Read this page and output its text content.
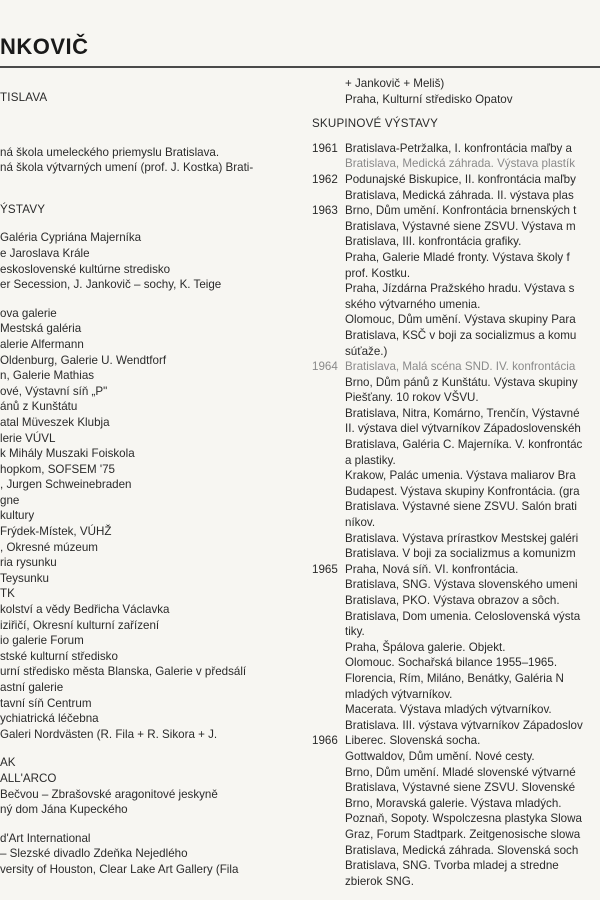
NKOVIČ
TISLAVA
ná škola umeleckého priemyslu Bratislava.
ná škola výtvarných umení (prof. J. Kostka) Brati-
ÝSTAVY
Galéria Cypriána Majerníka
e Jaroslava Krále
eskoslovenské kultúrne stredisko
er Secession, J. Jankovič – sochy, K. Teige
ova galerie
Mestská galéria
alerie Alfermann
Oldenburg, Galerie U. Wendtforf
n, Galerie Mathias
ové, Výstavní síň „P"
ánů z Kunštátu
atal Müveszek Klubja
lerie VÚVL
k Mihály Muszaki Foiskola
hopkom, SOFSEM '75
, Jurgen Schweinebraden
gne
kultury
Frýdek-Místek, VÚHŽ
, Okresné múzeum
ria rysunku
Teysunku
TK
kolství a vědy Bedřicha Václavka
iziřičí, Okresní kulturní zařízení
io galerie Forum
stské kulturní středisko
urní středisko města Blanska, Galerie v předsálí
astní galerie
tavní síň Centrum
ychiatrická léčebna
Galeri Nordvästen (R. Fila + R. Sikora + J.
AK
ALL'ARCO
Bečvou – Zbrašovské aragonitové jeskyně
ný dom Jána Kupeckého
d'Art International
– Slezské divadlo Zdeňka Nejedlého
versity of Houston, Clear Lake Art Gallery (Fila
+ Jankovič + Meliš)
Praha, Kulturní středisko Opatov
SKUPINOVÉ VÝSTAVY
1961 Bratislava-Petržalka, I. konfrontácia maľby a
Bratislava, Medická záhrada. Výstava plastík
1962 Podunajské Biskupice, II. konfrontácia maľby
Bratislava, Medická záhrada. II. výstava plas
1963 Brno, Dům umění. Konfrontácia brnenských t
Bratislava, Výstavné siene ZSVU. Výstava m
Bratislava, III. konfrontácia grafiky.
Praha, Galerie Mladé fronty. Výstava školy f
prof. Kostku.
Praha, Jízdárna Pražského hradu. Výstava s
ského výtvarného umenia.
Olomouc, Dům umění. Výstava skupiny Para
Bratislava, KSČ v boji za socializmus a komu
súťaže.)
1964 Bratislava, Malá scéna SND. IV. konfrontácia
Brno, Dům pánů z Kunštátu. Výstava skupiny
Piešťany. 10 rokov VŠVU.
Bratislava, Nitra, Komárno, Trenčín, Výstavné
II. výstava diel výtvarníkov Západoslovenskéh
Bratislava, Galéria C. Majerníka. V. konfrontác
a plastiky.
Krakow, Palác umenia. Výstava maliarov Bra
Budapest. Výstava skupiny Konfrontácia. (gra
Bratislava. Výstavné siene ZSVU. Salón brati
níkov.
Bratislava. Výstava prírastkov Mestskej galéri
Bratislava. V boji za socializmus a komunizm
1965 Praha, Nová síň. VI. konfrontácia.
Bratislava, SNG. Výstava slovenského umeni
Bratislava, PKO. Výstava obrazov a sôch.
Bratislava, Dom umenia. Celoslovenská výsta
tiky.
Praha, Špálova galerie. Objekt.
Olomouc. Sochařská bilance 1955–1965.
Florencia, Rím, Miláno, Benátky, Galéria N
mladých výtvarníkov.
Macerata. Výstava mladých výtvarníkov.
Bratislava. III. výstava výtvarníkov Západoslov
1966 Liberec. Slovenská socha.
Gottwaldov, Dům umění. Nové cesty.
Brno, Dům umění. Mladé slovenské výtvarné
Bratislava, Výstavné siene ZSVU. Slovenské
Brno, Moravská galerie. Výstava mladých.
Poznaň, Sopoty. Wspolczesna plastyka Slowa
Graz, Forum Stadtpark. Zeitgenosische slowa
Bratislava, Medická záhrada. Slovenská soch
Bratislava, SNG. Tvorba mladej a stredne
zbierok SNG.
